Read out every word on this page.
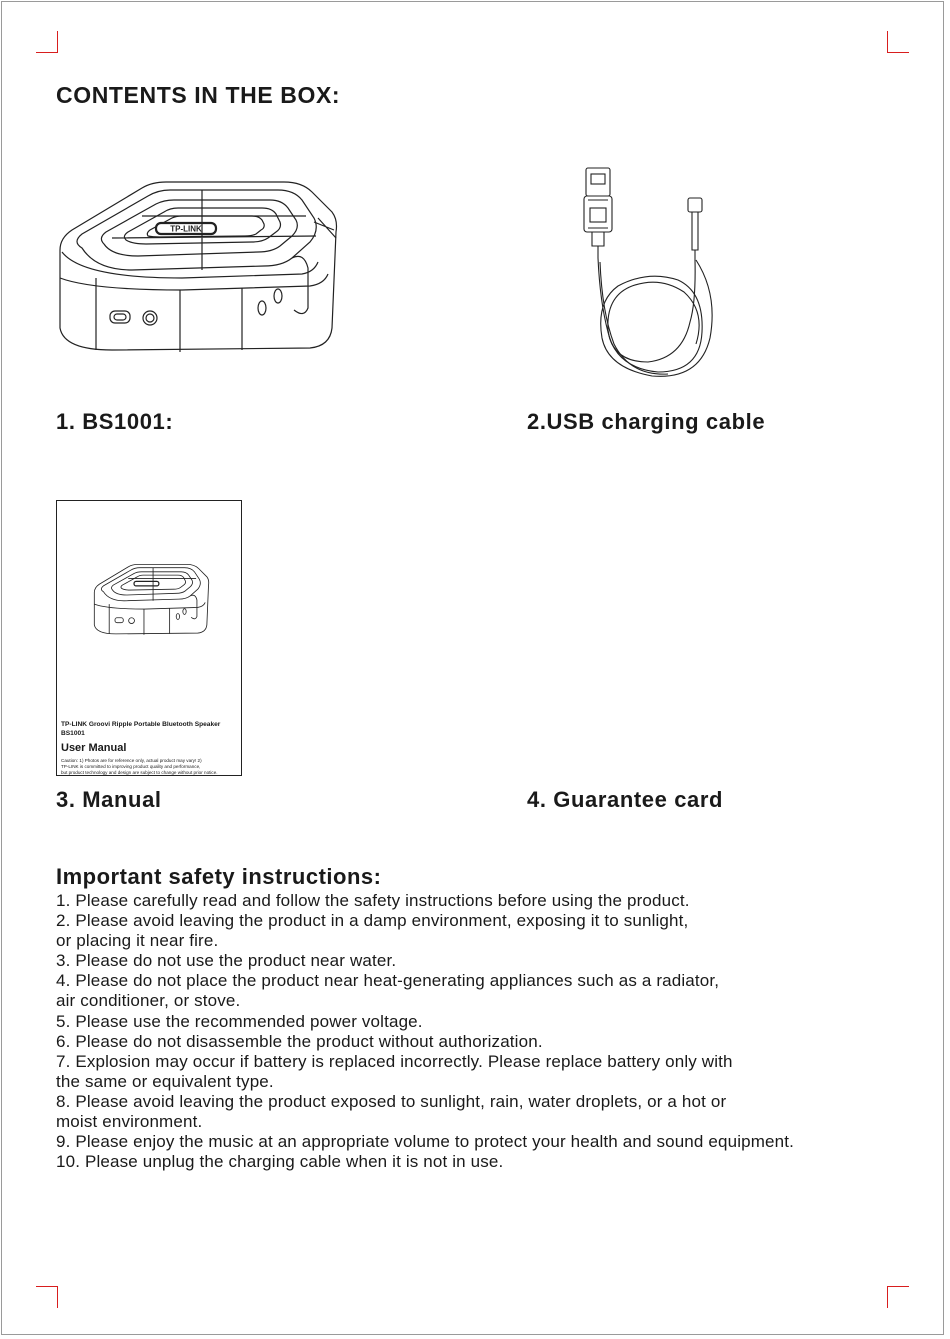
CONTENTS IN THE BOX:
TP-LINK

1. BS1001:	2.USB charging cable

TP-LINK Groovi Ripple Portable Bluetooth Speaker
BS1001
User Manual
Caution: 1) Photos are for reference only, actual product may vary! 2)
TP-LINK is committed to improving product quality and performance,
but product technology and design are subject to change without prior notice.

3. Manual	4. Guarantee card

Important safety instructions:
1. Please carefully read and follow the safety instructions before using the product.
2. Please avoid leaving the product in a damp environment, exposing it to sunlight,
or placing it near fire.
3. Please do not use the product near water.
4. Please do not place the product near heat-generating appliances such as a radiator,
air conditioner, or stove.
5. Please use the recommended power voltage.
6. Please do not disassemble the product without authorization.
7. Explosion may occur if battery is replaced incorrectly. Please replace battery only with
the same or equivalent type.
8. Please avoid leaving the product exposed to sunlight, rain, water droplets, or a hot or
moist environment.
9. Please enjoy the music at an appropriate volume to protect your health and sound equipment.
10. Please unplug the charging cable when it is not in use.
